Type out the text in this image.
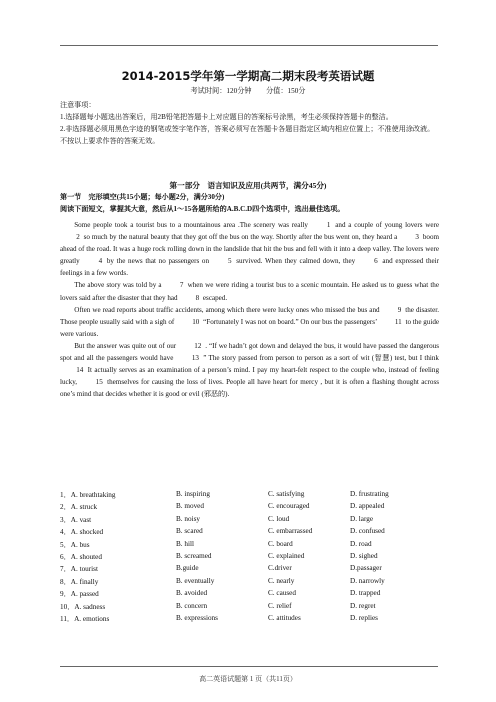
2014-2015学年第一学期高二期末段考英语试题
考试时间：120分钟　　分值：150分
注意事项：
1.选择题每小题选出答案后，用2B铅笔把答题卡上对应题目的答案标号涂黑，考生必须保持答题卡的整洁。
2.非选择题必须用黑色字迹的钢笔或签字笔作答，答案必须写在答题卡各题目指定区域内相应位置上；不准使用涂改液。不按以上要求作答的答案无效。
第一部分　语言知识及应用(共两节，满分45分)
第一节　完形填空(共15小题；每小题2分，满分30分)
阅读下面短文，掌握其大意，然后从1～15各题所给的A.B.C.D四个选项中，选出最佳选项。

Some people took a tourist bus to a mountainous area .The scenery was really	1 and a couple of young lovers were 2 so much by the natural beauty that they got off the bus on the way. Shortly after the bus went on, they heard a	3 boom ahead of the road. It was a huge rock rolling down in the landslide that hit the bus and fell with it into a deep valley. The lovers were greatly	4 by the news that no passengers on	5 survived. When they calmed down, they	6 and expressed their feelings in a few words.

The above story was told by a	7 when we were riding a tourist bus to a scenic mountain. He asked us to guess what the lovers said after the disaster that they had	8 escaped.

Often we read reports about traffic accidents, among which there were lucky ones who missed the bus and	9 the disaster. Those people usually said with a sigh of	10 “Fortunately I was not on board.” On our bus the passengers’	11 to the guide were various.

But the answer was quite out of our	12 . “If we hadn’t got down and delayed the bus, it would have passed the dangerous spot and all the passengers would have	13 ” The story passed from person to person as a sort of wit (智慧) test, but I think 14 It actually serves as an examination of a person’s mind. I pay my heart-felt respect to the couple who, instead of feeling lucky,	15 themselves for causing the loss of lives. People all have heart for mercy , but it is often a flashing thought across one’s mind that decides whether it is good or evil (邪恶的).

1．A. breathtaking	B. inspiring	C. satisfying	D. frustrating
2．A. struck	B. moved	C. encouraged	D. appealed
3．A. vast	B. noisy	C. loud	D. large
4．A. shocked	B. scared	C. embarrassed	D. confused
5．A. bus	B. hill	C. board	D. road
6．A. shouted	B. screamed	C. explained	D. sighed
7．A. tourist	B.guide	C.driver	D.passager
8．A. finally	B. eventually	C. nearly	D. narrowly
9．A. passed	B. avoided	C. caused	D. trapped
10．A. sadness	B. concern	C. relief	D. regret
11．A. emotions	B. expressions	C. attitudes	D. replies
高二英语试题第 1 页（共11页）
